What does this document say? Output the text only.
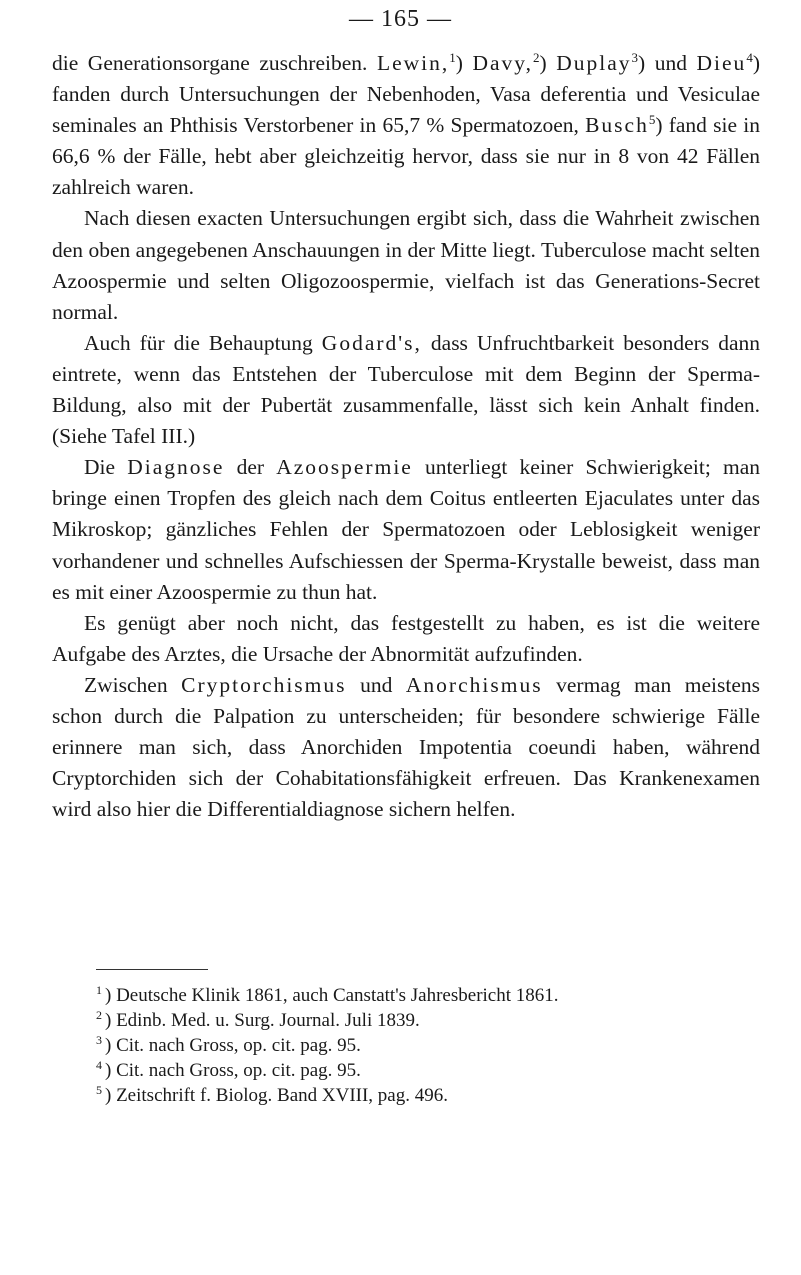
— 165 —

die Generationsorgane zuschreiben. Lewin,$^1$) Davy,$^2$) Duplay$^3$) und Dieu$^4$) fanden durch Untersuchungen der Nebenhoden, Vasa deferentia und Vesiculae seminales an Phthisis Verstorbener in 65,7 % Spermatozoen, Busch$^5$) fand sie in 66,6 % der Fälle, hebt aber gleichzeitig hervor, dass sie nur in 8 von 42 Fällen zahlreich waren.

Nach diesen exacten Untersuchungen ergibt sich, dass die Wahrheit zwischen den oben angegebenen Anschauungen in der Mitte liegt. Tuberculose macht selten Azoospermie und selten Oligozoospermie, vielfach ist das Generations-Secret normal.

Auch für die Behauptung Godard's, dass Unfruchtbarkeit besonders dann eintrete, wenn das Entstehen der Tuberculose mit dem Beginn der Sperma-Bildung, also mit der Pubertät zusammenfalle, lässt sich kein Anhalt finden. (Siehe Tafel III.)

Die Diagnose der Azoospermie unterliegt keiner Schwierigkeit; man bringe einen Tropfen des gleich nach dem Coitus entleerten Ejaculates unter das Mikroskop; gänzliches Fehlen der Spermatozoen oder Leblosigkeit weniger vorhandener und schnelles Aufschiessen der Sperma-Krystalle beweist, dass man es mit einer Azoospermie zu thun hat.

Es genügt aber noch nicht, das festgestellt zu haben, es ist die weitere Aufgabe des Arztes, die Ursache der Abnormität aufzufinden.

Zwischen Cryptorchismus und Anorchismus vermag man meistens schon durch die Palpation zu unterscheiden; für besondere schwierige Fälle erinnere man sich, dass Anorchiden Impotentia coeundi haben, während Cryptorchiden sich der Cohabitationsfähigkeit erfreuen. Das Krankenexamen wird also hier die Differentialdiagnose sichern helfen.

$^1$ ) Deutsche Klinik 1861, auch Canstatt's Jahresbericht 1861.

$^2$ ) Edinb. Med. u. Surg. Journal. Juli 1839.

$^3$ ) Cit. nach Gross, op. cit. pag. 95.

$^4$ ) Cit. nach Gross, op. cit. pag. 95.

$^5$ ) Zeitschrift f. Biolog. Band XVIII, pag. 496.
